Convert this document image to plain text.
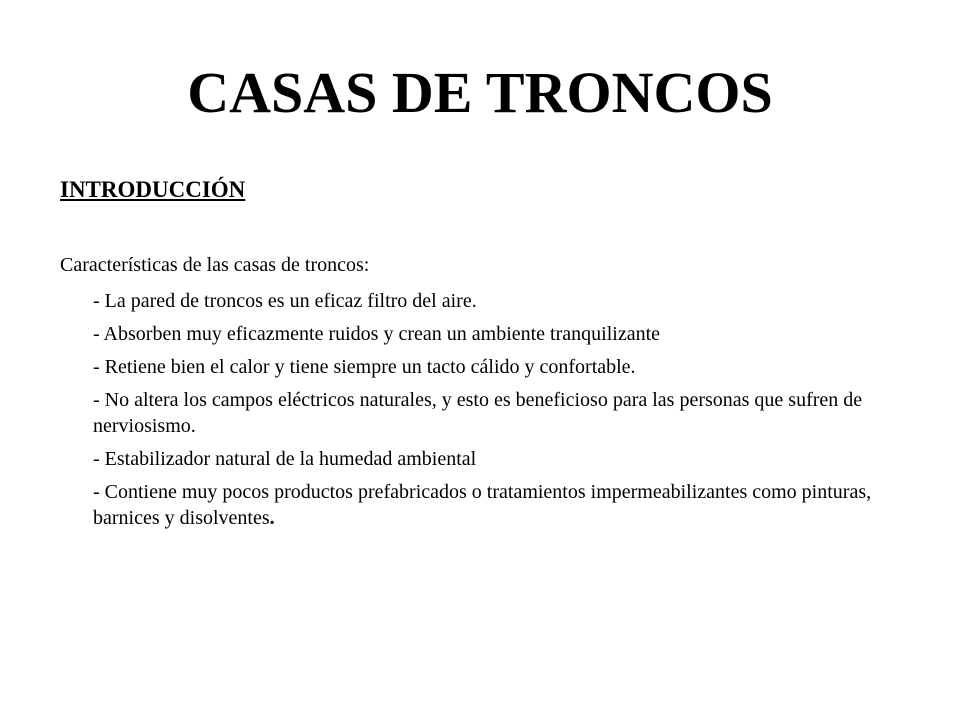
CASAS DE TRONCOS
INTRODUCCIÓN

Características de las casas de troncos:

- La pared de troncos es un eficaz filtro del aire.
- Absorben muy eficazmente ruidos y crean un ambiente tranquilizante
- Retiene bien el calor y tiene siempre un tacto cálido y confortable.
- No altera los campos eléctricos naturales, y esto es beneficioso para las personas que sufren de nerviosismo.
- Estabilizador natural de la humedad ambiental
- Contiene muy pocos productos prefabricados o tratamientos impermeabilizantes como pinturas, barnices y disolventes.
